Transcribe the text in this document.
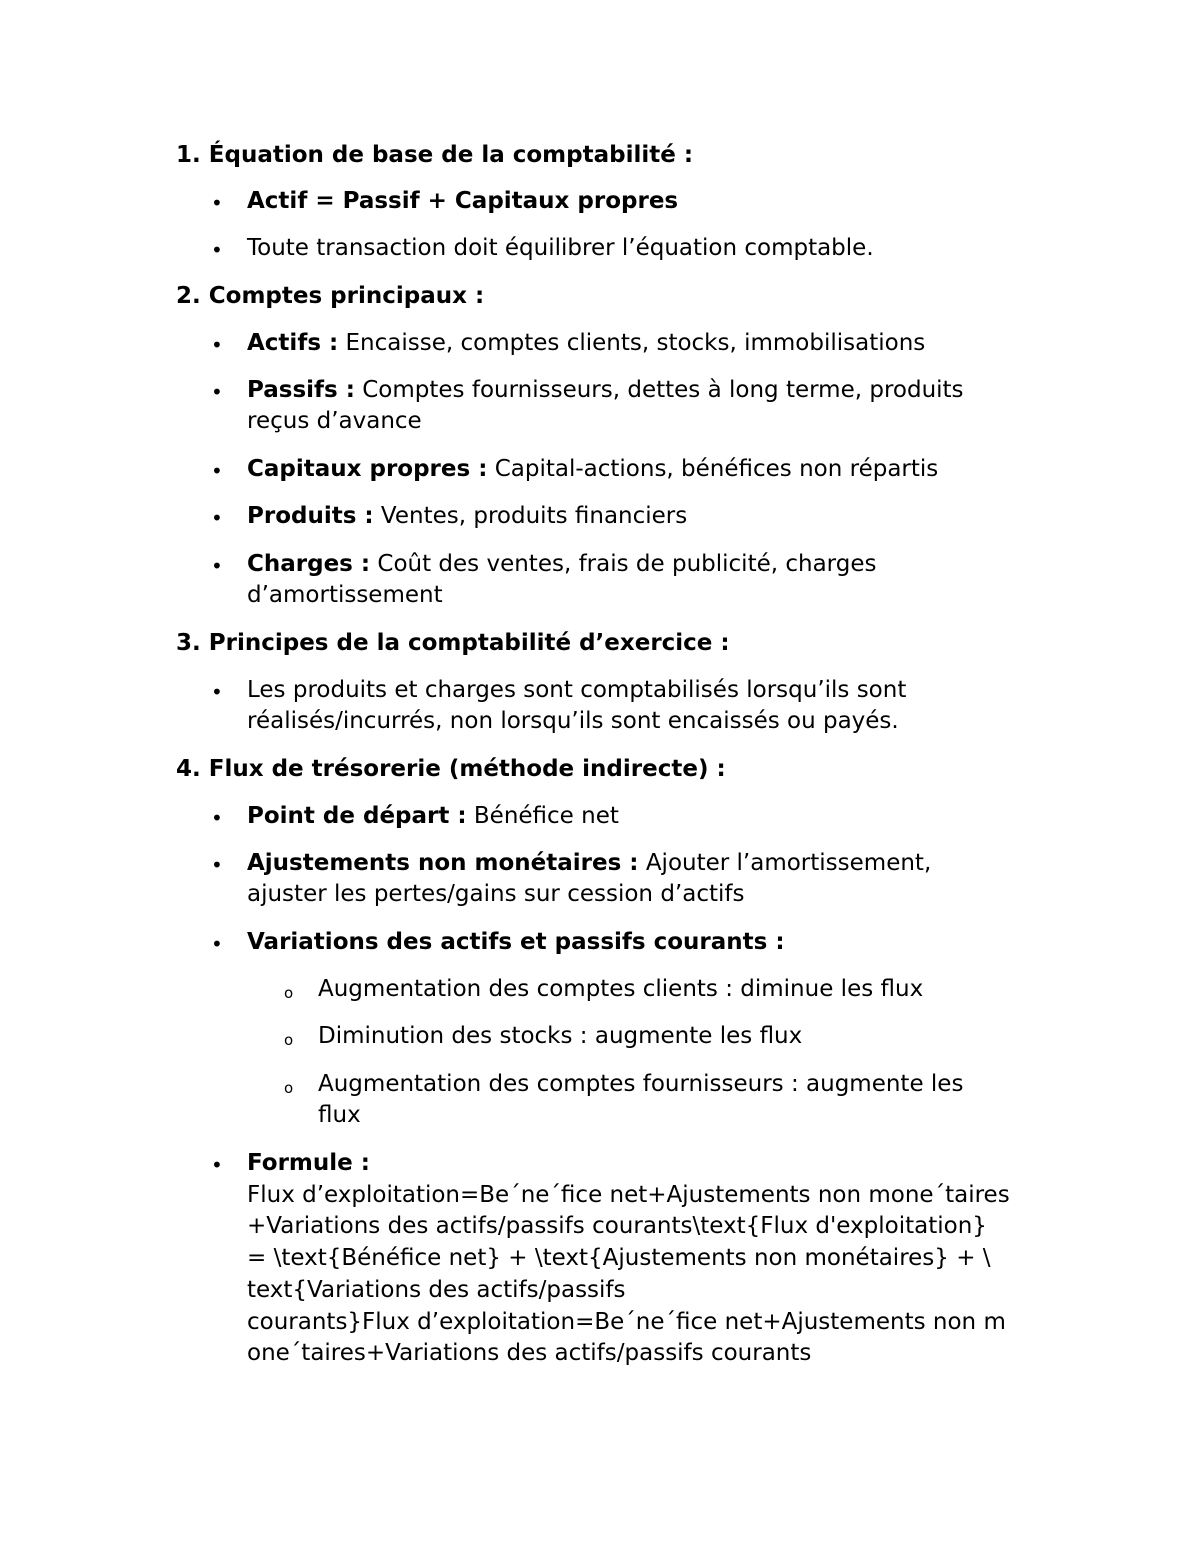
1. Équation de base de la comptabilité :
• Actif = Passif + Capitaux propres
• Toute transaction doit équilibrer l’équation comptable.
2. Comptes principaux :
• Actifs : Encaisse, comptes clients, stocks, immobilisations
• Passifs : Comptes fournisseurs, dettes à long terme, produits
reçus d’avance
• Capitaux propres : Capital-actions, bénéfices non répartis
• Produits : Ventes, produits financiers
• Charges : Coût des ventes, frais de publicité, charges
d’amortissement
3. Principes de la comptabilité d’exercice :
• Les produits et charges sont comptabilisés lorsqu’ils sont
réalisés/incurrés, non lorsqu’ils sont encaissés ou payés.
4. Flux de trésorerie (méthode indirecte) :
• Point de départ : Bénéfice net
• Ajustements non monétaires : Ajouter l’amortissement,
ajuster les pertes/gains sur cession d’actifs
• Variations des actifs et passifs courants :
o Augmentation des comptes clients : diminue les flux
o Diminution des stocks : augmente les flux
o Augmentation des comptes fournisseurs : augmente les
flux
• Formule :
Flux d’exploitation=Be´ne´fice net+Ajustements non mone´taires
+Variations des actifs/passifs courants\text{Flux d'exploitation}
= \text{Bénéfice net} + \text{Ajustements non monétaires} + \
text{Variations des actifs/passifs
courants}Flux d’exploitation=Be´ne´fice net+Ajustements non m
one´taires+Variations des actifs/passifs courants
